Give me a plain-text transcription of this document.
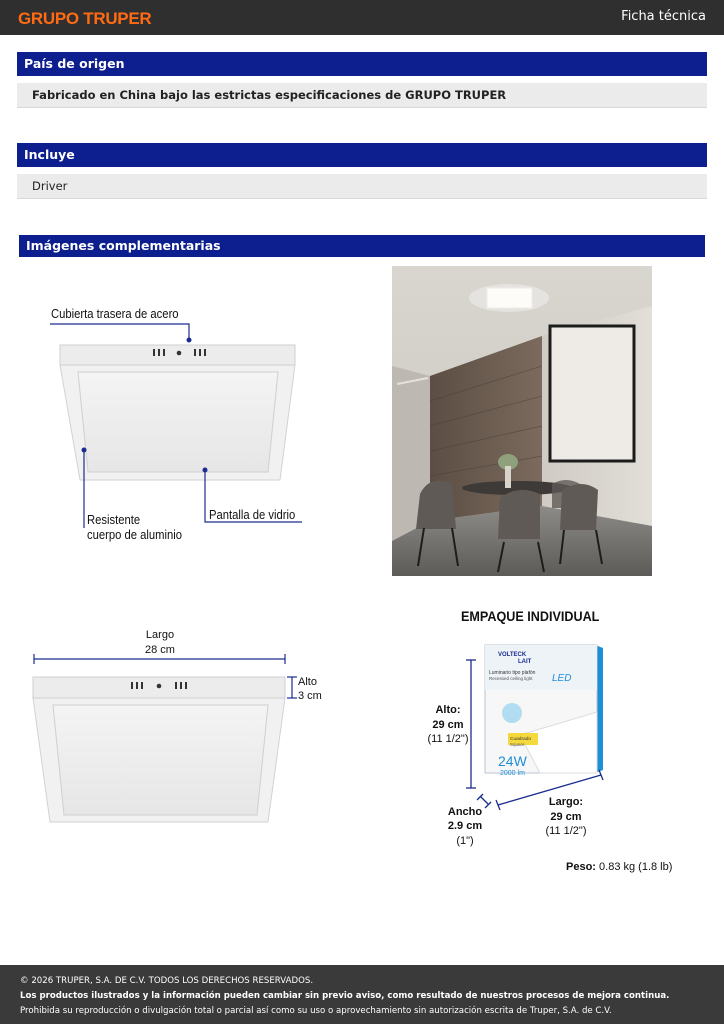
GRUPO TRUPER	Ficha técnica
País de origen
Fabricado en China bajo las estrictas especificaciones de GRUPO TRUPER
Incluye
Driver
Imágenes complementarias
Cubierta trasera de acero
Resistente
cuerpo de aluminio
Pantalla de vidrio
Largo
28 cm
Alto
3 cm
EMPAQUE INDIVIDUAL
VOLTECK
LAIT
Luminario tipo plafón
Recessed ceiling light LED
Cuadrado
Square
24W
2000 lm
Alto:
29 cm
(11 1/2")
Ancho
2.9 cm
(1")
Largo:
29 cm
(11 1/2")
Peso: 0.83 kg (1.8 lb)
© 2026 TRUPER, S.A. DE C.V. TODOS LOS DERECHOS RESERVADOS.
Los productos ilustrados y la información pueden cambiar sin previo aviso, como resultado de nuestros procesos de mejora continua.
Prohibida su reproducción o divulgación total o parcial así como su uso o aprovechamiento sin autorización escrita de Truper, S.A. de C.V.
